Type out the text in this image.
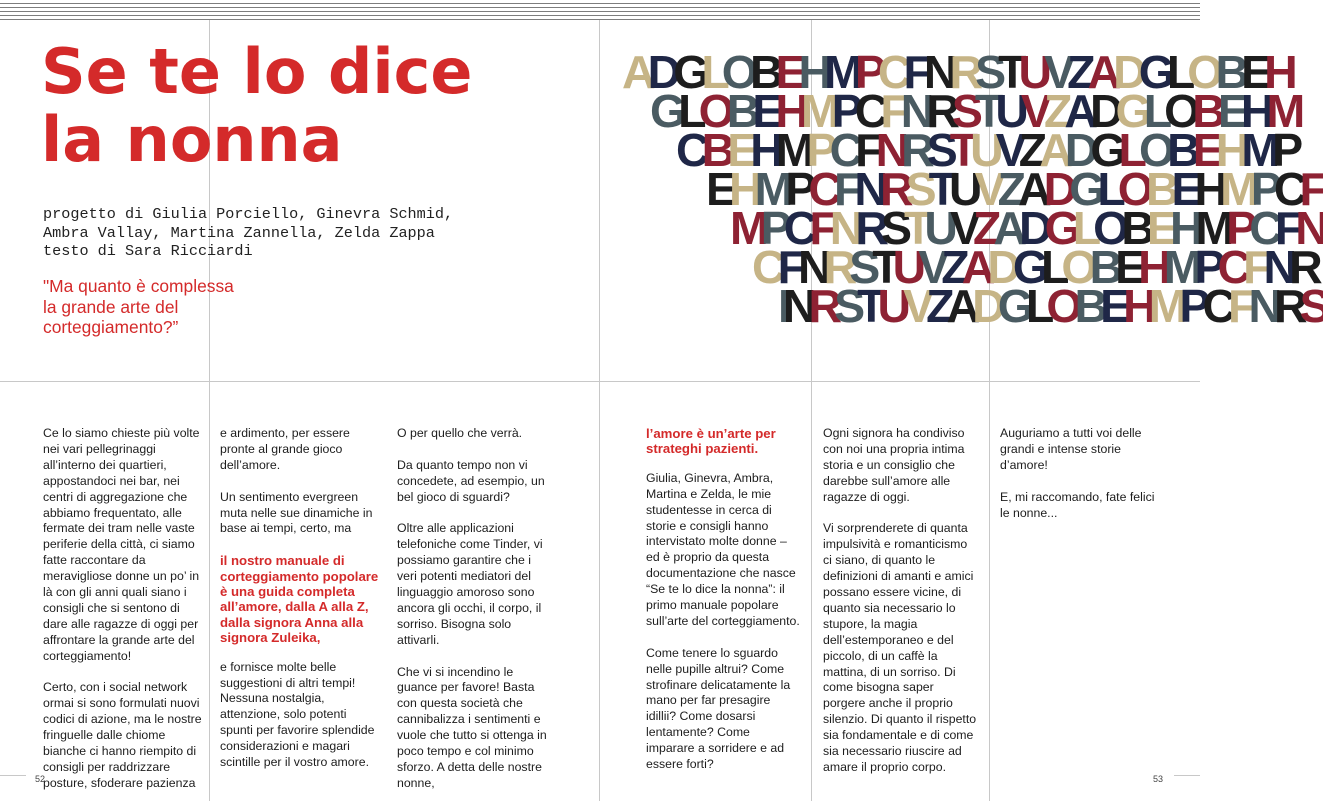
Se te lo dice
la nonna
progetto di Giulia Porciello, Ginevra Schmid,
Ambra Vallay, Martina Zannella, Zelda Zappa
testo di Sara Ricciardi
"Ma quanto è complessa la grande arte del corteggiamento?”
ADGLOBEHMPCFNRSTUVZADGLOBEH
GLOBEHMPCFNRSTUVZADGLOBEHM
CBEHMPCFNRSTUVZADGLOBEHMP
EHMPCFNRSTUVZADGLOBEHMPCF
MPCFNRSTUVZADGLOBEHMPCFN
CFNRSTUVZADGLOBEHMPCFNR
INRSTUVZADGLOBEHMPCFNRS

Ce lo siamo chieste più volte nei vari pellegrinaggi all’interno dei quartieri, appostandoci nei bar, nei centri di aggregazione che abbiamo frequentato, alle fermate dei tram nelle vaste periferie della città, ci siamo fatte raccontare da meravigliose donne un po’ in là con gli anni quali siano i consigli che si sentono di dare alle ragazze di oggi per affrontare la grande arte del corteggiamento!

Certo, con i social network ormai si sono formulati nuovi codici di azione, ma le nostre fringuelle dalle chiome bianche ci hanno riempito di consigli per raddrizzare posture, sfoderare pazienza

e ardimento, per essere pronte al grande gioco dell’amore.

Un sentimento evergreen muta nelle sue dinamiche in base ai tempi, certo, ma

il nostro manuale di corteggiamento popolare è una guida completa all’amore, dalla A alla Z, dalla signora Anna alla signora Zuleika,

e fornisce molte belle suggestioni di altri tempi! Nessuna nostalgia, attenzione, solo potenti spunti per favorire splendide considerazioni e magari scintille per il vostro amore.

O per quello che verrà.

Da quanto tempo non vi concedete, ad esempio, un bel gioco di sguardi?

Oltre alle applicazioni telefoniche come Tinder, vi possiamo garantire che i veri potenti mediatori del linguaggio amoroso sono ancora gli occhi, il corpo, il sorriso. Bisogna solo attivarli.

Che vi si incendino le guance per favore! Basta con questa società che cannibalizza i sentimenti e vuole che tutto si ottenga in poco tempo e col minimo sforzo. A detta delle nostre nonne,

l’amore è un’arte per strateghi pazienti.

Giulia, Ginevra, Ambra, Martina e Zelda, le mie studentesse in cerca di storie e consigli hanno intervistato molte donne – ed è proprio da questa documentazione che nasce “Se te lo dice la nonna”: il primo manuale popolare sull’arte del corteggiamento.

Come tenere lo sguardo nelle pupille altrui? Come strofinare delicatamente la mano per far presagire idillii? Come dosarsi lentamente? Come imparare a sorridere e ad essere forti?

Ogni signora ha condiviso con noi una propria intima storia e un consiglio che darebbe sull’amore alle ragazze di oggi.

Vi sorprenderete di quanta impulsività e romanticismo ci siano, di quanto le definizioni di amanti e amici possano essere vicine, di quanto sia necessario lo stupore, la magia dell’estemporaneo e del piccolo, di un caffè la mattina, di un sorriso. Di come bisogna saper porgere anche il proprio silenzio. Di quanto il rispetto sia fondamentale e di come sia necessario riuscire ad amare il proprio corpo.

Auguriamo a tutti voi delle grandi e intense storie d’amore!

E, mi raccomando, fate felici le nonne...

52	53
